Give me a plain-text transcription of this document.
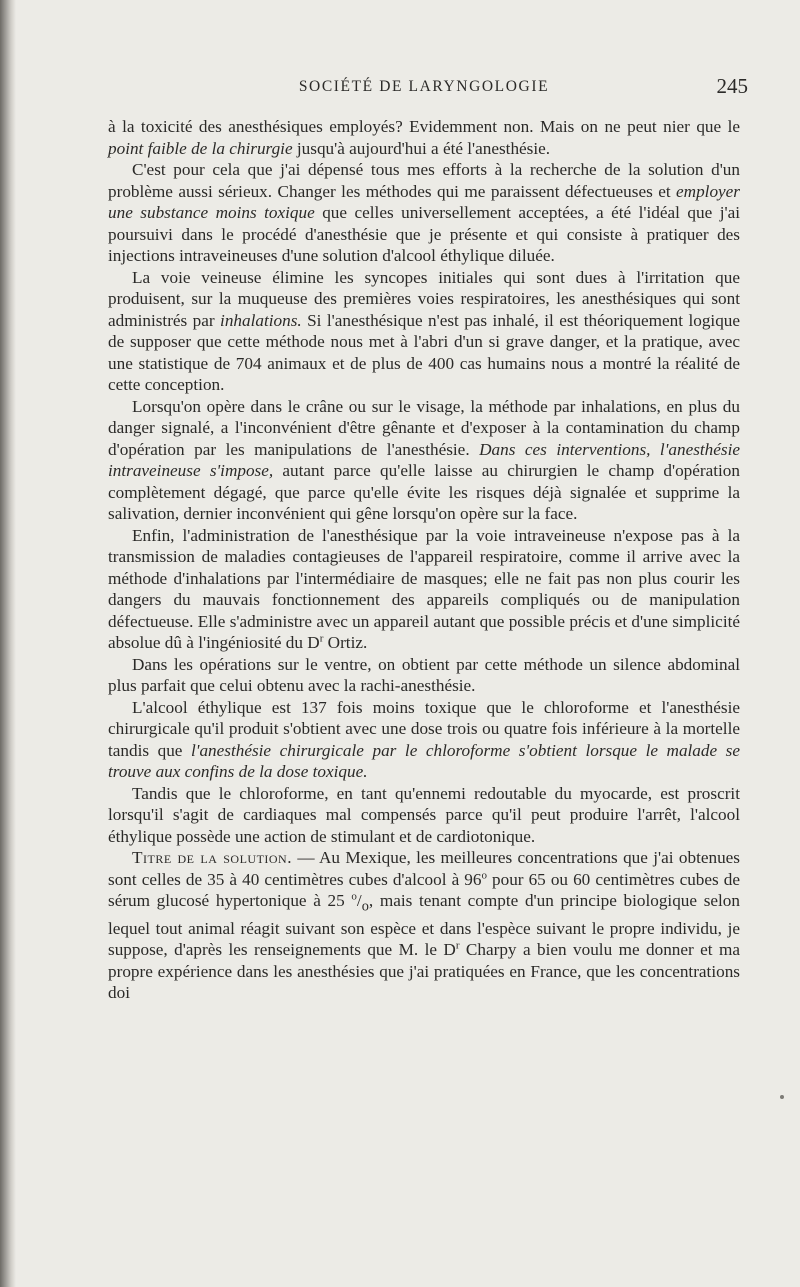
SOCIÉTÉ DE LARYNGOLOGIE	245

à la toxicité des anesthésiques employés? Evidemment non. Mais on ne peut nier que le point faible de la chirurgie jusqu'à aujourd'hui a été l'anesthésie.

C'est pour cela que j'ai dépensé tous mes efforts à la recherche de la solution d'un problème aussi sérieux. Changer les méthodes qui me paraissent défectueuses et employer une substance moins toxique que celles universellement acceptées, a été l'idéal que j'ai poursuivi dans le procédé d'anesthésie que je présente et qui consiste à pratiquer des injections intraveineuses d'une solution d'alcool éthylique diluée.

La voie veineuse élimine les syncopes initiales qui sont dues à l'irritation que produisent, sur la muqueuse des premières voies respiratoires, les anesthésiques qui sont administrés par inhalations. Si l'anesthésique n'est pas inhalé, il est théoriquement logique de supposer que cette méthode nous met à l'abri d'un si grave danger, et la pratique, avec une statistique de 704 animaux et de plus de 400 cas humains nous a montré la réalité de cette conception.

Lorsqu'on opère dans le crâne ou sur le visage, la méthode par inhalations, en plus du danger signalé, a l'inconvénient d'être gênante et d'exposer à la contamination du champ d'opération par les manipulations de l'anesthésie. Dans ces interventions, l'anesthésie intraveineuse s'impose, autant parce qu'elle laisse au chirurgien le champ d'opération complètement dégagé, que parce qu'elle évite les risques déjà signalée et supprime la salivation, dernier inconvénient qui gêne lorsqu'on opère sur la face.

Enfin, l'administration de l'anesthésique par la voie intraveineuse n'expose pas à la transmission de maladies contagieuses de l'appareil respiratoire, comme il arrive avec la méthode d'inhalations par l'intermédiaire de masques; elle ne fait pas non plus courir les dangers du mauvais fonctionnement des appareils compliqués ou de manipulation défectueuse. Elle s'administre avec un appareil autant que possible précis et d'une simplicité absolue dû à l'ingéniosité du $D^r$ Ortiz.

Dans les opérations sur le ventre, on obtient par cette méthode un silence abdominal plus parfait que celui obtenu avec la rachi-anesthésie.

L'alcool éthylique est 137 fois moins toxique que le chloroforme et l'anesthésie chirurgicale qu'il produit s'obtient avec une dose trois ou quatre fois inférieure à la mortelle tandis que l'anesthésie chirurgicale par le chloroforme s'obtient lorsque le malade se trouve aux confins de la dose toxique.

Tandis que le chloroforme, en tant qu'ennemi redoutable du myocarde, est proscrit lorsqu'il s'agit de cardiaques mal compensés parce qu'il peut produire l'arrêt, l'alcool éthylique possède une action de stimulant et de cardiotonique.

Titre de la solution. — Au Mexique, les meilleures concentrations que j'ai obtenues sont celles de 35 à 40 centimètres cubes d'alcool à 96$^o$ pour 65 ou 60 centimètres cubes de sérum glucosé hypertonique à 25 $^o/_o$, mais tenant compte d'un principe biologique selon lequel tout animal réagit suivant son espèce et dans l'espèce suivant le propre individu, je suppose, d'après les renseignements que M. le $D^r$ Charpy a bien voulu me donner et ma propre expérience dans les anesthésies que j'ai pratiquées en France, que les concentrations doi
